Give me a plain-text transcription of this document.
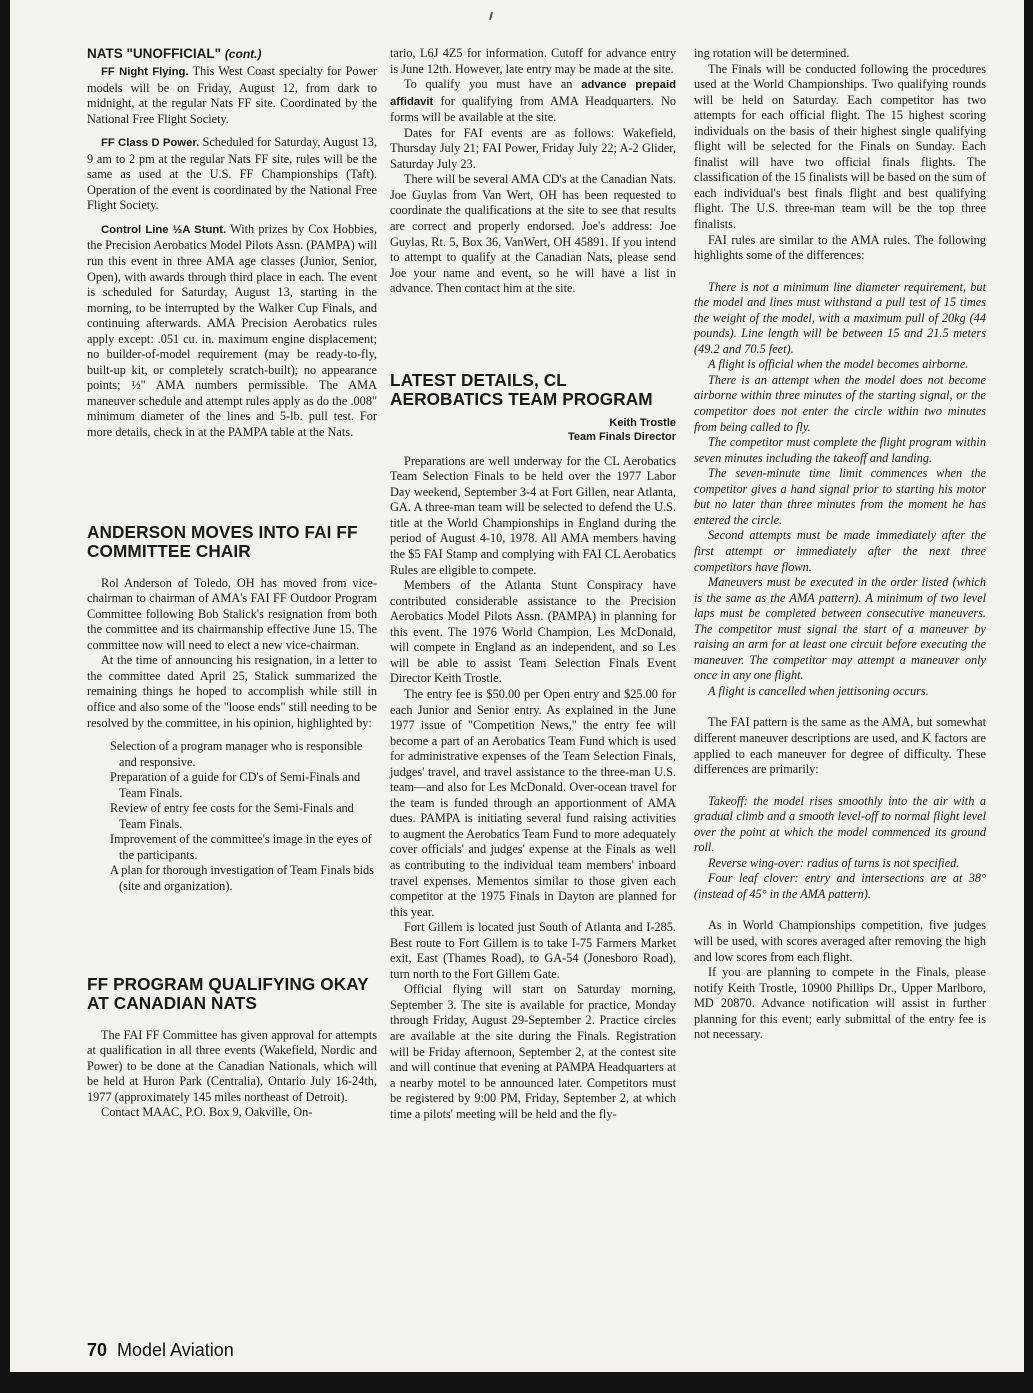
NATS "UNOFFICIAL" (cont.)

FF Night Flying. This West Coast specialty for Power models will be on Friday, August 12, from dark to midnight, at the regular Nats FF site. Coordinated by the National Free Flight Society.

FF Class D Power. Scheduled for Saturday, August 13, 9 am to 2 pm at the regular Nats FF site, rules will be the same as used at the U.S. FF Championships (Taft). Operation of the event is coordinated by the National Free Flight Society.

Control Line ½A Stunt. With prizes by Cox Hobbies, the Precision Aerobatics Model Pilots Assn. (PAMPA) will run this event in three AMA age classes (Junior, Senior, Open), with awards through third place in each. The event is scheduled for Saturday, August 13, starting in the morning, to be interrupted by the Walker Cup Finals, and continuing afterwards. AMA Precision Aerobatics rules apply except: .051 cu. in. maximum engine displacement; no builder-of-model requirement (may be ready-to-fly, built-up kit, or completely scratch-built); no appearance points; ½" AMA numbers permissible. The AMA maneuver schedule and attempt rules apply as do the .008" minimum diameter of the lines and 5-lb. pull test. For more details, check in at the PAMPA table at the Nats.

ANDERSON MOVES INTO FAI FF COMMITTEE CHAIR

Rol Anderson of Toledo, OH has moved from vice-chairman to chairman of AMA's FAI FF Outdoor Program Committee following Bob Stalick's resignation from both the committee and its chairmanship effective June 15. The committee now will need to elect a new vice-chairman.

At the time of announcing his resignation, in a letter to the committee dated April 25, Stalick summarized the remaining things he hoped to accomplish while still in office and also some of the "loose ends" still needing to be resolved by the committee, in his opinion, highlighted by:

Selection of a program manager who is responsible and responsive.

Preparation of a guide for CD's of Semi-Finals and Team Finals.

Review of entry fee costs for the Semi-Finals and Team Finals.

Improvement of the committee's image in the eyes of the participants.

A plan for thorough investigation of Team Finals bids (site and organization).

FF PROGRAM QUALIFYING OKAY AT CANADIAN NATS

The FAI FF Committee has given approval for attempts at qualification in all three events (Wakefield, Nordic and Power) to be done at the Canadian Nationals, which will be held at Huron Park (Centralia), Ontario July 16-24th, 1977 (approximately 145 miles northeast of Detroit).

Contact MAAC, P.O. Box 9, Oakville, On-

tario, L6J 4Z5 for information. Cutoff for advance entry is June 12th. However, late entry may be made at the site.

To qualify you must have an advance prepaid affidavit for qualifying from AMA Headquarters. No forms will be available at the site.

Dates for FAI events are as follows: Wakefield, Thursday July 21; FAI Power, Friday July 22; A-2 Glider, Saturday July 23.

There will be several AMA CD's at the Canadian Nats. Joe Guylas from Van Wert, OH has been requested to coordinate the qualifications at the site to see that results are correct and properly endorsed. Joe's address: Joe Guylas, Rt. 5, Box 36, VanWert, OH 45891. If you intend to attempt to qualify at the Canadian Nats, please send Joe your name and event, so he will have a list in advance. Then contact him at the site.

LATEST DETAILS, CL AEROBATICS TEAM PROGRAM
Keith Trostle
Team Finals Director

Preparations are well underway for the CL Aerobatics Team Selection Finals to be held over the 1977 Labor Day weekend, September 3-4 at Fort Gillen, near Atlanta, GA. A three-man team will be selected to defend the U.S. title at the World Championships in England during the period of August 4-10, 1978. All AMA members having the $5 FAI Stamp and complying with FAI CL Aerobatics Rules are eligible to compete.

Members of the Atlanta Stunt Conspiracy have contributed considerable assistance to the Precision Aerobatics Model Pilots Assn. (PAMPA) in planning for this event. The 1976 World Champion, Les McDonald, will compete in England as an independent, and so Les will be able to assist Team Selection Finals Event Director Keith Trostle.

The entry fee is $50.00 per Open entry and $25.00 for each Junior and Senior entry. As explained in the June 1977 issue of "Competition News," the entry fee will become a part of an Aerobatics Team Fund which is used for administrative expenses of the Team Selection Finals, judges' travel, and travel assistance to the three-man U.S. team—and also for Les McDonald. Over-ocean travel for the team is funded through an apportionment of AMA dues. PAMPA is initiating several fund raising activities to augment the Aerobatics Team Fund to more adequately cover officials' and judges' expense at the Finals as well as contributing to the individual team members' inboard travel expenses. Mementos similar to those given each competitor at the 1975 Finals in Dayton are planned for this year.

Fort Gillem is located just South of Atlanta and I-285. Best route to Fort Gillem is to take I-75 Farmers Market exit, East (Thames Road), to GA-54 (Jonesboro Road), turn north to the Fort Gillem Gate.

Official flying will start on Saturday morning, September 3. The site is available for practice, Monday through Friday, August 29-September 2. Practice circles are available at the site during the Finals. Registration will be Friday afternoon, September 2, at the contest site and will continue that evening at PAMPA Headquarters at a nearby motel to be announced later. Competitors must be registered by 9:00 PM, Friday, September 2, at which time a pilots' meeting will be held and the fly-

ing rotation will be determined.

The Finals will be conducted following the procedures used at the World Championships. Two qualifying rounds will be held on Saturday. Each competitor has two attempts for each official flight. The 15 highest scoring individuals on the basis of their highest single qualifying flight will be selected for the Finals on Sunday. Each finalist will have two official finals flights. The classification of the 15 finalists will be based on the sum of each individual's best finals flight and best qualifying flight. The U.S. three-man team will be the top three finalists.

FAI rules are similar to the AMA rules. The following highlights some of the differences:

There is not a minimum line diameter requirement, but the model and lines must withstand a pull test of 15 times the weight of the model, with a maximum pull of 20kg (44 pounds). Line length will be between 15 and 21.5 meters (49.2 and 70.5 feet).

A flight is official when the model becomes airborne.

There is an attempt when the model does not become airborne within three minutes of the starting signal, or the competitor does not enter the circle within two minutes from being called to fly.

The competitor must complete the flight program within seven minutes including the takeoff and landing.

The seven-minute time limit commences when the competitor gives a hand signal prior to starting his motor but no later than three minutes from the moment he has entered the circle.

Second attempts must be made immediately after the first attempt or immediately after the next three competitors have flown.

Maneuvers must be executed in the order listed (which is the same as the AMA pattern). A minimum of two level laps must be completed between consecutive maneuvers. The competitor must signal the start of a maneuver by raising an arm for at least one circuit before executing the maneuver. The competitor may attempt a maneuver only once in any one flight.

A flight is cancelled when jettisoning occurs.

The FAI pattern is the same as the AMA, but somewhat different maneuver descriptions are used, and K factors are applied to each maneuver for degree of difficulty. These differences are primarily:

Takeoff: the model rises smoothly into the air with a gradual climb and a smooth level-off to normal flight level over the point at which the model commenced its ground roll.

Reverse wing-over: radius of turns is not specified.

Four leaf clover: entry and intersections are at 38° (instead of 45° in the AMA pattern).

As in World Championships competition, five judges will be used, with scores averaged after removing the high and low scores from each flight.

If you are planning to compete in the Finals, please notify Keith Trostle, 10900 Phillips Dr., Upper Marlboro, MD 20870. Advance notification will assist in further planning for this event; early submittal of the entry fee is not necessary.

70 Model Aviation
